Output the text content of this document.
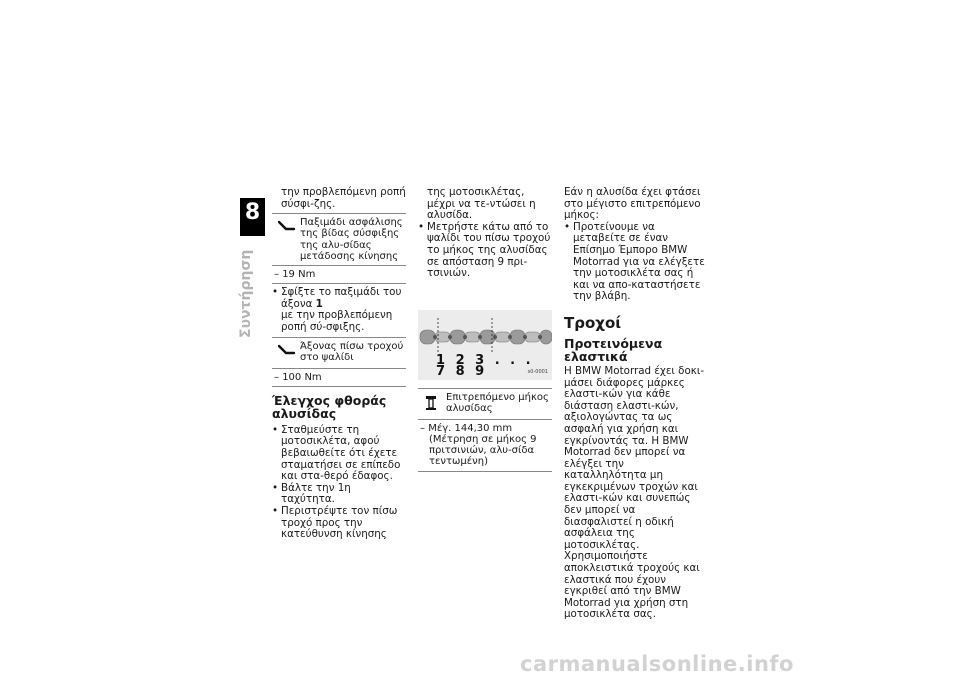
8
100
Συντήρηση

την προβλεπόμενη ροπή σύσφι-ζης.

Παξιμάδι ασφάλισης της βίδας σύσφιξης της αλυ-σίδας μετάδοσης κίνησης
– 19 Nm

• Σφίξτε το παξιμάδι του άξονα 1
με την προβλεπόμενη ροπή σύ-σφιξης.

Άξονας πίσω τροχού στο ψαλίδι
– 100 Nm
Έλεγχος φθοράς αλυσίδας

• Σταθμεύστε τη μοτοσικλέτα, αφού βεβαιωθείτε ότι έχετε σταματήσει σε επίπεδο και στα-θερό έδαφος.

• Βάλτε την 1η ταχύτητα.

• Περιστρέψτε τον πίσω τροχό προς την κατεύθυνση κίνησης

της μοτοσικλέτας, μέχρι να τε-ντώσει η αλυσίδα.

• Μετρήστε κάτω από το ψαλίδι του πίσω τροχού το μήκος της αλυσίδας σε απόσταση 9 πρι-τσινιών.

1 2 3 . . . 7 8 9	s0-0001
Επιτρεπόμενο μήκος αλυσίδας
– Μέγ. 144,30 mm (Μέτρηση σε μήκος 9 πριτσινιών, αλυ-σίδα τεντωμένη)

Εάν η αλυσίδα έχει φτάσει στο μέγιστο επιτρεπόμενο μήκος:

• Προτείνουμε να μεταβείτε σε έναν Επίσημο Έμπορο BMW Motorrad για να ελέγξετε την μοτοσικλέτα σας ή και να απο-καταστήσετε την βλάβη.

Τροχοί
Προτεινόμενα ελαστικά

Η BMW Motorrad έχει δοκι-μάσει διάφορες μάρκες ελαστι-κών για κάθε διάσταση ελαστι-κών, αξιολογώντας τα ως ασφαλή για χρήση και εγκρίνοντάς τα. Η BMW Motorrad δεν μπορεί να ελέγξει την καταλληλότητα μη εγκεκριμένων τροχών και ελαστι-κών και συνεπώς δεν μπορεί να διασφαλιστεί η οδική ασφάλεια της μοτοσικλέτας.

Χρησιμοποιήστε αποκλειστικά τροχούς και ελαστικά που έχουν εγκριθεί από την BMW Motorrad για χρήση στη μοτοσικλέτα σας.

carmanualsonline.info
